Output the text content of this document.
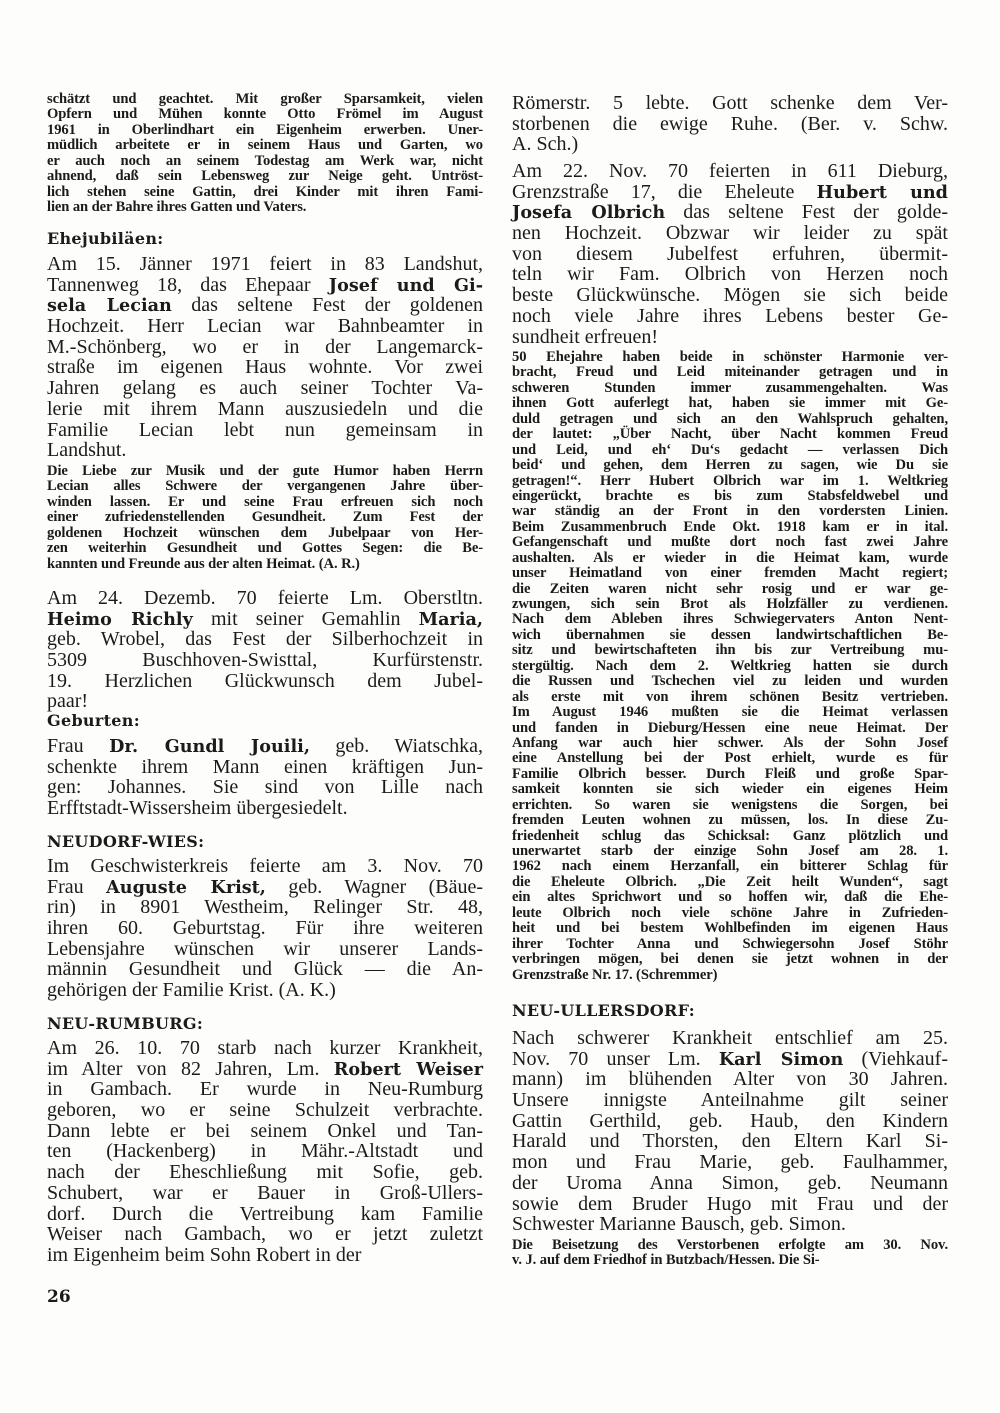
schätzt und geachtet. Mit großer Sparsamkeit, vielen
Opfern und Mühen konnte Otto Frömel im August
1961 in Oberlindhart ein Eigenheim erwerben. Uner-
müdlich arbeitete er in seinem Haus und Garten, wo
er auch noch an seinem Todestag am Werk war, nicht
ahnend, daß sein Lebensweg zur Neige geht. Untröst-
lich stehen seine Gattin, drei Kinder mit ihren Fami-
lien an der Bahre ihres Gatten und Vaters.
Ehejubiläen:
Am 15. Jänner 1971 feiert in 83 Landshut,
Tannenweg 18, das Ehepaar Josef und Gi-
sela Lecian das seltene Fest der goldenen
Hochzeit. Herr Lecian war Bahnbeamter in
M.-Schönberg, wo er in der Langemarck-
straße im eigenen Haus wohnte. Vor zwei
Jahren gelang es auch seiner Tochter Va-
lerie mit ihrem Mann auszusiedeln und die
Familie Lecian lebt nun gemeinsam in
Landshut.
Die Liebe zur Musik und der gute Humor haben Herrn
Lecian alles Schwere der vergangenen Jahre über-
winden lassen. Er und seine Frau erfreuen sich noch
einer zufriedenstellenden Gesundheit. Zum Fest der
goldenen Hochzeit wünschen dem Jubelpaar von Her-
zen weiterhin Gesundheit und Gottes Segen: die Be-
kannten und Freunde aus der alten Heimat. (A. R.)
Am 24. Dezemb. 70 feierte Lm. Oberstltn.
Heimo Richly mit seiner Gemahlin Maria,
geb. Wrobel, das Fest der Silberhochzeit in
5309 Buschhoven-Swisttal, Kurfürstenstr.
19. Herzlichen Glückwunsch dem Jubel-
paar!
Geburten:
Frau Dr. Gundl Jouili, geb. Wiatschka,
schenkte ihrem Mann einen kräftigen Jun-
gen: Johannes. Sie sind von Lille nach
Erfftstadt-Wissersheim übergesiedelt.
NEUDORF-WIES:
Im Geschwisterkreis feierte am 3. Nov. 70
Frau Auguste Krist, geb. Wagner (Bäue-
rin) in 8901 Westheim, Relinger Str. 48,
ihren 60. Geburtstag. Für ihre weiteren
Lebensjahre wünschen wir unserer Lands-
männin Gesundheit und Glück — die An-
gehörigen der Familie Krist. (A. K.)
NEU-RUMBURG:
Am 26. 10. 70 starb nach kurzer Krankheit,
im Alter von 82 Jahren, Lm. Robert Weiser
in Gambach. Er wurde in Neu-Rumburg
geboren, wo er seine Schulzeit verbrachte.
Dann lebte er bei seinem Onkel und Tan-
ten (Hackenberg) in Mähr.-Altstadt und
nach der Eheschließung mit Sofie, geb.
Schubert, war er Bauer in Groß-Ullers-
dorf. Durch die Vertreibung kam Familie
Weiser nach Gambach, wo er jetzt zuletzt
im Eigenheim beim Sohn Robert in der
Römerstr. 5 lebte. Gott schenke dem Ver-
storbenen die ewige Ruhe. (Ber. v. Schw.
A. Sch.)
Am 22. Nov. 70 feierten in 611 Dieburg,
Grenzstraße 17, die Eheleute Hubert und
Josefa Olbrich das seltene Fest der golde-
nen Hochzeit. Obzwar wir leider zu spät
von diesem Jubelfest erfuhren, übermit-
teln wir Fam. Olbrich von Herzen noch
beste Glückwünsche. Mögen sie sich beide
noch viele Jahre ihres Lebens bester Ge-
sundheit erfreuen!
50 Ehejahre haben beide in schönster Harmonie ver-
bracht, Freud und Leid miteinander getragen und in
schweren Stunden immer zusammengehalten. Was
ihnen Gott auferlegt hat, haben sie immer mit Ge-
duld getragen und sich an den Wahlspruch gehalten,
der lautet: „Über Nacht, über Nacht kommen Freud
und Leid, und eh‘ Du‘s gedacht — verlassen Dich
beid‘ und gehen, dem Herren zu sagen, wie Du sie
getragen!“. Herr Hubert Olbrich war im 1. Weltkrieg
eingerückt, brachte es bis zum Stabsfeldwebel und
war ständig an der Front in den vordersten Linien.
Beim Zusammenbruch Ende Okt. 1918 kam er in ital.
Gefangenschaft und mußte dort noch fast zwei Jahre
aushalten. Als er wieder in die Heimat kam, wurde
unser Heimatland von einer fremden Macht regiert;
die Zeiten waren nicht sehr rosig und er war ge-
zwungen, sich sein Brot als Holzfäller zu verdienen.
Nach dem Ableben ihres Schwiegervaters Anton Nent-
wich übernahmen sie dessen landwirtschaftlichen Be-
sitz und bewirtschafteten ihn bis zur Vertreibung mu-
stergültig. Nach dem 2. Weltkrieg hatten sie durch
die Russen und Tschechen viel zu leiden und wurden
als erste mit von ihrem schönen Besitz vertrieben.
Im August 1946 mußten sie die Heimat verlassen
und fanden in Dieburg/Hessen eine neue Heimat. Der
Anfang war auch hier schwer. Als der Sohn Josef
eine Anstellung bei der Post erhielt, wurde es für
Familie Olbrich besser. Durch Fleiß und große Spar-
samkeit konnten sie sich wieder ein eigenes Heim
errichten. So waren sie wenigstens die Sorgen, bei
fremden Leuten wohnen zu müssen, los. In diese Zu-
friedenheit schlug das Schicksal: Ganz plötzlich und
unerwartet starb der einzige Sohn Josef am 28. 1.
1962 nach einem Herzanfall, ein bitterer Schlag für
die Eheleute Olbrich. „Die Zeit heilt Wunden“, sagt
ein altes Sprichwort und so hoffen wir, daß die Ehe-
leute Olbrich noch viele schöne Jahre in Zufrieden-
heit und bei bestem Wohlbefinden im eigenen Haus
ihrer Tochter Anna und Schwiegersohn Josef Stöhr
verbringen mögen, bei denen sie jetzt wohnen in der
Grenzstraße Nr. 17. (Schremmer)
NEU-ULLERSDORF:
Nach schwerer Krankheit entschlief am 25.
Nov. 70 unser Lm. Karl Simon (Viehkauf-
mann) im blühenden Alter von 30 Jahren.
Unsere innigste Anteilnahme gilt seiner
Gattin Gerthild, geb. Haub, den Kindern
Harald und Thorsten, den Eltern Karl Si-
mon und Frau Marie, geb. Faulhammer,
der Uroma Anna Simon, geb. Neumann
sowie dem Bruder Hugo mit Frau und der
Schwester Marianne Bausch, geb. Simon.
Die Beisetzung des Verstorbenen erfolgte am 30. Nov.
v. J. auf dem Friedhof in Butzbach/Hessen. Die Si-
26
